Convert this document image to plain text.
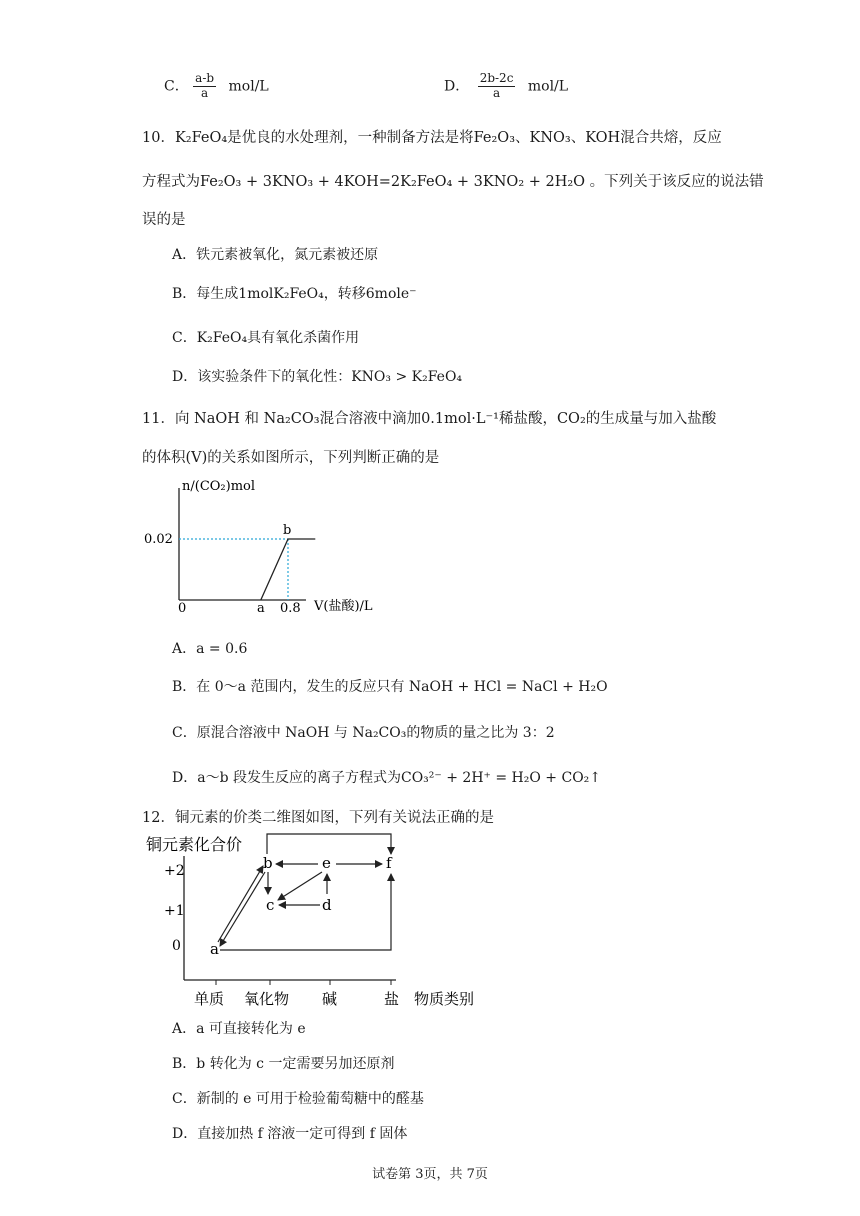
C． $\frac{a-b}{a} mol/L$	D． $\frac{2b-2c}{a} mol/L$
10．K₂FeO₄是优良的水处理剂，一种制备方法是将Fe₂O₃、KNO₃、KOH混合共熔，反应
方程式为Fe₂O₃ + 3KNO₃ + 4KOH=2K₂FeO₄ + 3KNO₂ + 2H₂O 。下列关于该反应的说法错
误的是
A．铁元素被氧化，氮元素被还原
B．每生成1molK₂FeO₄，转移6mole⁻
C．K₂FeO₄具有氧化杀菌作用
D．该实验条件下的氧化性：KNO₃ > K₂FeO₄
11．向 NaOH 和 Na₂CO₃混合溶液中滴加0.1mol·L⁻¹稀盐酸，CO₂的生成量与加入盐酸
的体积(V)的关系如图所示，下列判断正确的是
n/(CO₂)mol
V(盐酸)/L
0
0.02
a 0.8
b
A．a = 0.6
B．在 0～a 范围内，发生的反应只有 NaOH + HCl = NaCl + H₂O
C．原混合溶液中 NaOH 与 Na₂CO₃的物质的量之比为 3：2
D．a～b 段发生反应的离子方程式为CO₃²⁻ + 2H⁺ = H₂O + CO₂↑
12．铜元素的价类二维图如图，下列有关说法正确的是
铜元素化合价
+2
+1
0
单质 氧化物 碱	盐 物质类别
a
b
c	d
e	f
A．a 可直接转化为 e
B．b 转化为 c 一定需要另加还原剂
C．新制的 e 可用于检验葡萄糖中的醛基
D．直接加热 f 溶液一定可得到 f 固体
试卷第 3页，共 7页
